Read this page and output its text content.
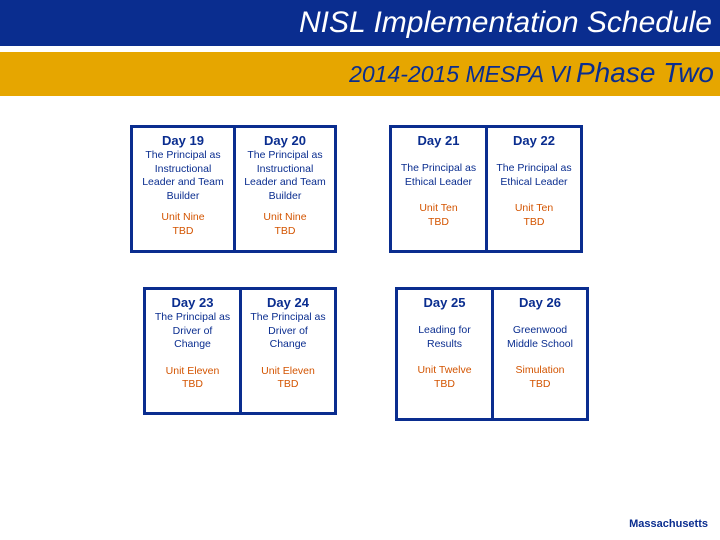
NISL Implementation Schedule
2014-2015 MESPA VI Phase Two
Day 19
The Principal as
Instructional
Leader and Team
Builder
Unit Nine
TBD
Day 20
The Principal as
Instructional
Leader and Team
Builder
Unit Nine
TBD
Day 21
The Principal as
Ethical Leader
Unit Ten
TBD
Day 22
The Principal as
Ethical Leader
Unit Ten
TBD
Day 23
The Principal as
Driver of
Change
Unit Eleven
TBD
Day 24
The Principal as
Driver of
Change
Unit Eleven
TBD
Day 25
Leading for
Results
Unit Twelve
TBD
Day 26
Greenwood
Middle School
Simulation
TBD
Massachusetts
